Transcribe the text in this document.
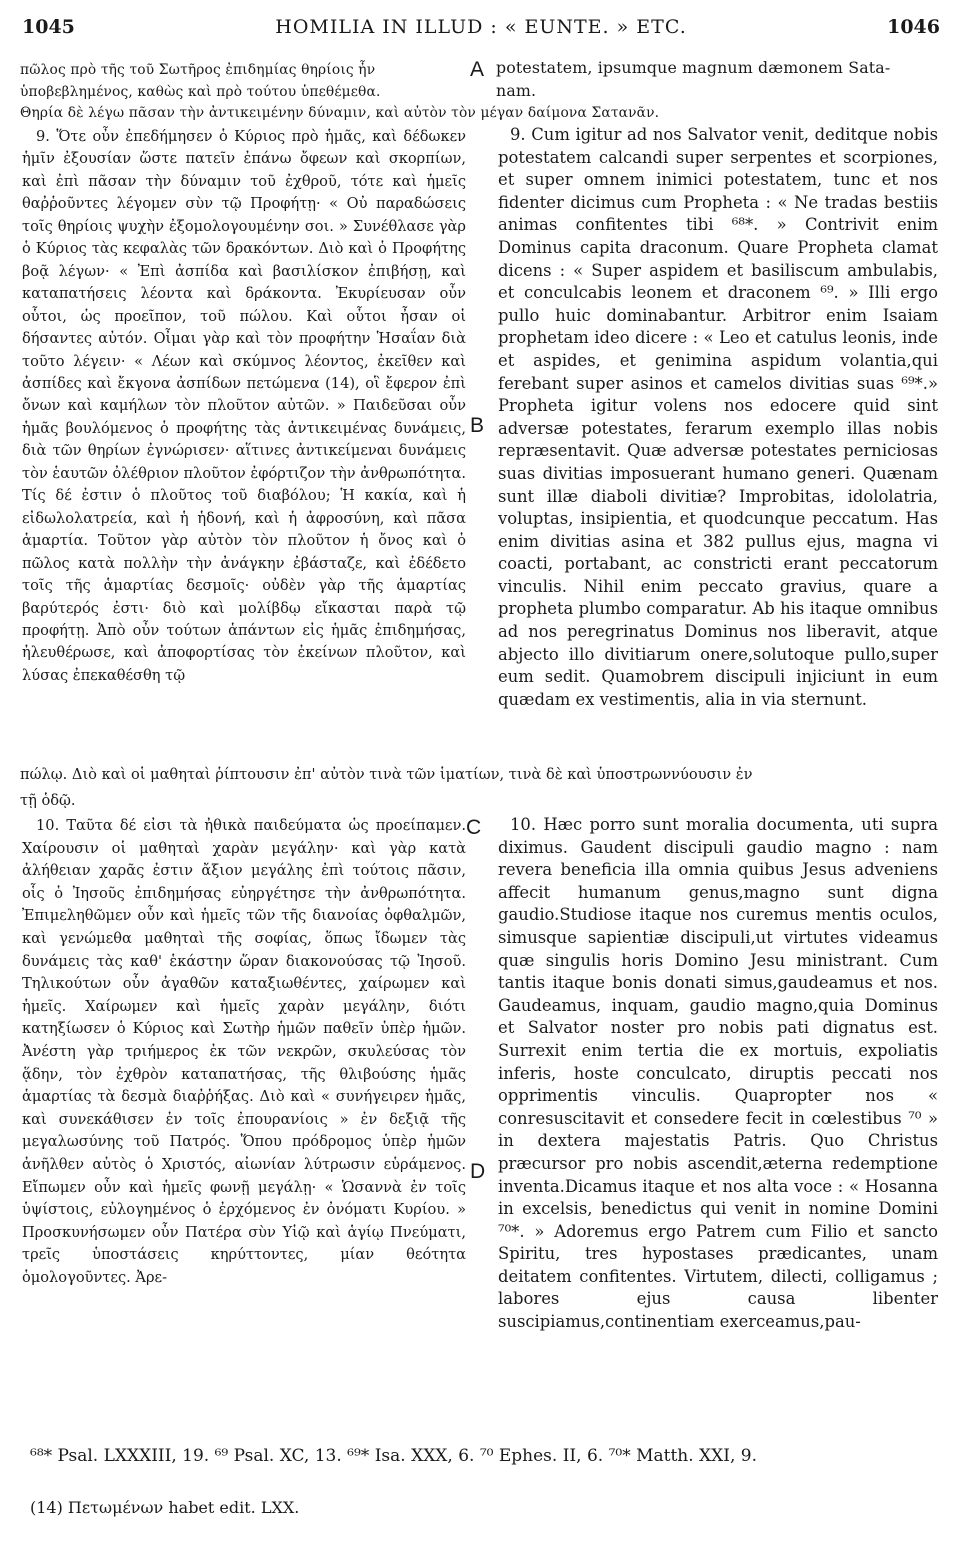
1045	HOMILIA IN ILLUD : « EUNTE. » ETC.	1046
πῶλος πρὸ τῆς τοῦ Σωτῆρος ἐπιδημίας θηρίοις ἦν
ὑποβεβλημένος, καθὼς καὶ πρὸ τούτου ὑπεθέμεθα.
Θηρία δὲ λέγω πᾶσαν τὴν ἀντικειμένην δύναμιν, καὶ αὐτὸν τὸν μέγαν δαίμονα Σατανᾶν.
A potestatem, ipsumque magnum dæmonem Sata-
nam.
9. Ὅτε οὖν ἐπεδήμησεν ὁ Κύριος πρὸ ἡμᾶς, καὶ δέδωκεν ἡμῖν ἐξουσίαν ὥστε πατεῖν ἐπάνω ὄφεων καὶ σκορπίων, καὶ ἐπὶ πᾶσαν τὴν δύναμιν τοῦ ἐχθροῦ, τότε καὶ ἡμεῖς θαῤῥοῦντες λέγομεν σὺν τῷ Προφήτῃ· « Οὐ παραδώσεις τοῖς θηρίοις ψυχὴν ἐξομολογουμένην σοι. » Συνέθλασε γὰρ ὁ Κύριος τὰς κεφαλὰς τῶν δρακόντων. Διὸ καὶ ὁ Προφήτης βοᾷ λέγων· « Ἐπὶ ἀσπίδα καὶ βασιλίσκον ἐπιβήσῃ, καὶ καταπατήσεις λέοντα καὶ δράκοντα. Ἐκυρίευσαν οὖν οὗτοι, ὡς προεῖπον, τοῦ πώλου. Καὶ οὗτοι ἦσαν οἱ δήσαντες αὐτόν. Οἶμαι γὰρ καὶ τὸν προφήτην Ἡσαΐαν διὰ τοῦτο λέγειν· « Λέων καὶ σκύμνος λέοντος, ἐκεῖθεν καὶ ἀσπίδες καὶ ἔκγονα ἀσπίδων πετώμενα (14), οἳ ἔφερον ἐπὶ ὄνων καὶ καμήλων τὸν πλοῦτον αὐτῶν. » Παιδεῦσαι οὖν ἡμᾶς βουλόμενος ὁ προφήτης τὰς ἀντικειμένας δυνάμεις, διὰ τῶν θηρίων ἐγνώρισεν· αἵτινες ἀντικείμεναι δυνάμεις τὸν ἑαυτῶν ὀλέθριον πλοῦτον ἐφόρτιζον τὴν ἀνθρωπότητα. Τίς δέ ἐστιν ὁ πλοῦτος τοῦ διαβόλου; Ἡ κακία, καὶ ἡ εἰδωλολατρεία, καὶ ἡ ἡδονή, καὶ ἡ ἀφροσύνη, καὶ πᾶσα ἁμαρτία. Τοῦτον γὰρ αὐτὸν τὸν πλοῦτον ἡ ὄνος καὶ ὁ πῶλος κατὰ πολλὴν τὴν ἀνάγκην ἐβάσταζε, καὶ ἐδέδετο τοῖς τῆς ἁμαρτίας δεσμοῖς· οὐδὲν γὰρ τῆς ἁμαρτίας βαρύτερός ἐστι· διὸ καὶ μολίβδῳ εἴκασται παρὰ τῷ προφήτῃ. Ἀπὸ οὖν τούτων ἁπάντων εἰς ἡμᾶς ἐπιδημήσας, ἠλευθέρωσε, καὶ ἀποφορτίσας τὸν ἐκείνων πλοῦτον, καὶ λύσας ἐπεκαθέσθη τῷ
B
9. Cum igitur ad nos Salvator venit, deditque nobis potestatem calcandi super serpentes et scorpiones, et super omnem inimici potestatem, tunc et nos fidenter dicimus cum Propheta : « Ne tradas bestiis animas confitentes tibi ⁶⁸*. » Contrivit enim Dominus capita draconum. Quare Propheta clamat dicens : « Super aspidem et basiliscum ambulabis, et conculcabis leonem et draconem ⁶⁹. » Illi ergo pullo huic dominabantur. Arbitror enim Isaiam prophetam ideo dicere : « Leo et catulus leonis, inde et aspides, et genimina aspidum volantia,qui ferebant super asinos et camelos divitias suas ⁶⁹*.» Propheta igitur volens nos edocere quid sint adversæ potestates, ferarum exemplo illas nobis repræsentavit. Quæ adversæ potestates perniciosas suas divitias imposuerant humano generi. Quænam sunt illæ diaboli divitiæ? Improbitas, idololatria, voluptas, insipientia, et quodcunque peccatum. Has enim divitias asina et 382 pullus ejus, magna vi coacti, portabant, ac constricti erant peccatorum vinculis. Nihil enim peccato gravius, quare a propheta plumbo comparatur. Ab his itaque omnibus ad nos peregrinatus Dominus nos liberavit, atque abjecto illo divitiarum onere,solutoque pullo,super eum sedit. Quamobrem discipuli injiciunt in eum quædam ex vestimentis, alia in via sternunt.
πώλῳ. Διὸ καὶ οἱ μαθηταὶ ῥίπτουσιν ἐπ' αὐτὸν τινὰ τῶν ἱματίων, τινὰ δὲ καὶ ὑποστρωννύουσιν ἐν
τῇ ὁδῷ.
10. Ταῦτα δέ εἰσι τὰ ἠθικὰ παιδεύματα ὡς προείπαμεν. Χαίρουσιν οἱ μαθηταὶ χαρὰν μεγάλην· καὶ γὰρ κατὰ ἀλήθειαν χαρᾶς ἐστιν ἄξιον μεγάλης ἐπὶ τούτοις πᾶσιν, οἷς ὁ Ἰησοῦς ἐπιδημήσας εὐηργέτησε τὴν ἀνθρωπότητα. Ἐπιμεληθῶμεν οὖν καὶ ἡμεῖς τῶν τῆς διανοίας ὀφθαλμῶν, καὶ γενώμεθα μαθηταὶ τῆς σοφίας, ὅπως ἴδωμεν τὰς δυνάμεις τὰς καθ' ἑκάστην ὥραν διακονούσας τῷ Ἰησοῦ. Τηλικούτων οὖν ἀγαθῶν καταξιωθέντες, χαίρωμεν καὶ ἡμεῖς. Χαίρωμεν καὶ ἡμεῖς χαρὰν μεγάλην, διότι κατηξίωσεν ὁ Κύριος καὶ Σωτὴρ ἡμῶν παθεῖν ὑπὲρ ἡμῶν. Ἀνέστη γὰρ τριήμερος ἐκ τῶν νεκρῶν, σκυλεύσας τὸν ᾅδην, τὸν ἐχθρὸν καταπατήσας, τῆς θλιβούσης ἡμᾶς ἁμαρτίας τὰ δεσμὰ διαῤῥήξας. Διὸ καὶ « συνήγειρεν ἡμᾶς, καὶ συνεκάθισεν ἐν τοῖς ἐπουρανίοις » ἐν δεξιᾷ τῆς μεγαλωσύνης τοῦ Πατρός. Ὅπου πρόδρομος ὑπὲρ ἡμῶν ἀνῆλθεν αὐτὸς ὁ Χριστός, αἰωνίαν λύτρωσιν εὑράμενος. Εἴπωμεν οὖν καὶ ἡμεῖς φωνῇ μεγάλῃ· « Ὡσαννὰ ἐν τοῖς ὑψίστοις, εὐλογημένος ὁ ἐρχόμενος ἐν ὀνόματι Κυρίου. » Προσκυνήσωμεν οὖν Πατέρα σὺν Υἱῷ καὶ ἁγίῳ Πνεύματι, τρεῖς ὑποστάσεις κηρύττοντες, μίαν θεότητα ὁμολογοῦντες. Ἀρε-
C
D
10. Hæc porro sunt moralia documenta, uti supra diximus. Gaudent discipuli gaudio magno : nam revera beneficia illa omnia quibus Jesus adveniens affecit humanum genus,magno sunt digna gaudio.Studiose itaque nos curemus mentis oculos, simusque sapientiæ discipuli,ut virtutes videamus quæ singulis horis Domino Jesu ministrant. Cum tantis itaque bonis donati simus,gaudeamus et nos. Gaudeamus, inquam, gaudio magno,quia Dominus et Salvator noster pro nobis pati dignatus est. Surrexit enim tertia die ex mortuis, expoliatis inferis, hoste conculcato, diruptis peccati nos opprimentis vinculis. Quapropter nos « conresuscitavit et consedere fecit in cœlestibus ⁷⁰ » in dextera majestatis Patris. Quo Christus præcursor pro nobis ascendit,æterna redemptione inventa.Dicamus itaque et nos alta voce : « Hosanna in excelsis, benedictus qui venit in nomine Domini ⁷⁰*. » Adoremus ergo Patrem cum Filio et sancto Spiritu, tres hypostases prædicantes, unam deitatem confitentes. Virtutem, dilecti, colligamus ; labores ejus causa libenter suscipiamus,continentiam exerceamus,pau-
⁶⁸* Psal. LXXXIII, 19. ⁶⁹ Psal. XC, 13. ⁶⁹* Isa. XXX, 6. ⁷⁰ Ephes. II, 6. ⁷⁰* Matth. XXI, 9.
(14) Πετωμένων habet edit. LXX.
